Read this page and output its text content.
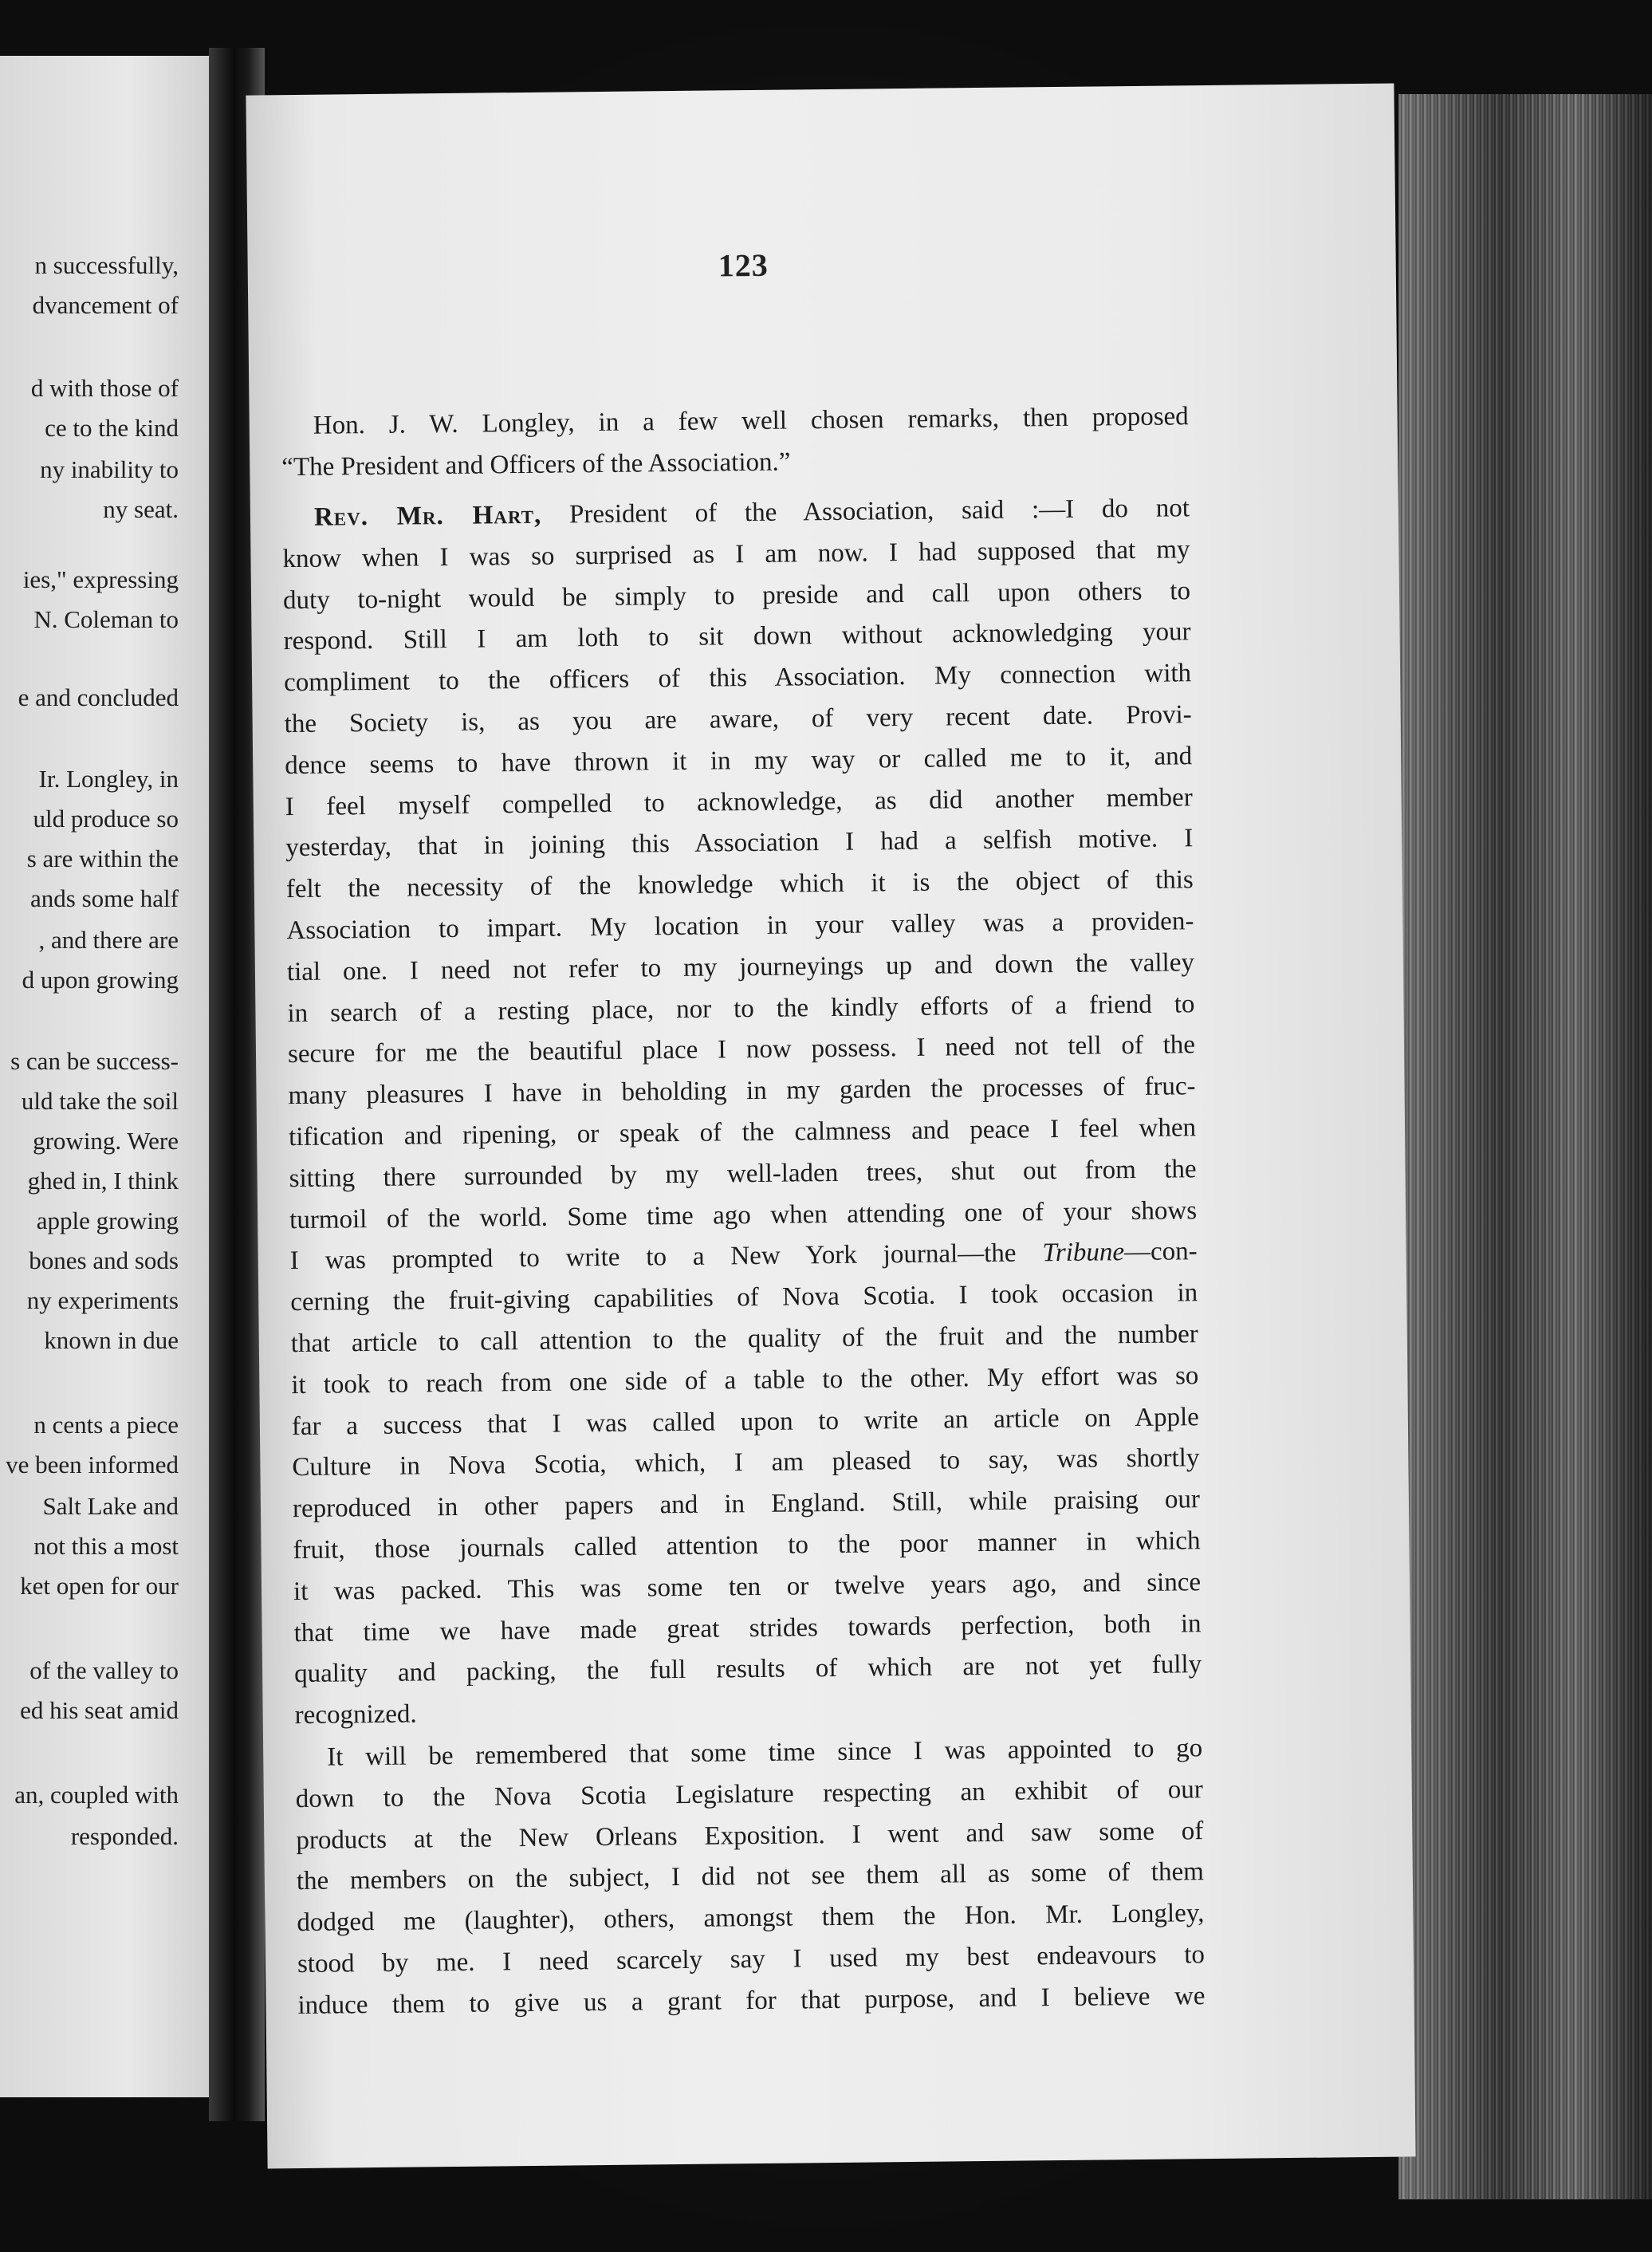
n successfully,
dvancement of
d with those of
ce to the kind
ny inability to
ny seat.
ies," expressing
N. Coleman to
e and concluded
Ir. Longley, in
uld produce so
s are within the
ands some half
, and there are
d upon growing
s can be success-
uld take the soil
growing. Were
ghed in, I think
apple growing
bones and sods
ny experiments
known in due
n cents a piece
ve been informed
Salt Lake and
not this a most
ket open for our
of the valley to
ed his seat amid
an, coupled with
responded.
123
Hon. J. W. Longley, in a few well chosen remarks, then proposed
“The President and Officers of the Association.”
Rev. Mr. Hart, President of the Association, said :—I do not
know when I was so surprised as I am now. I had supposed that my
duty to-night would be simply to preside and call upon others to
respond. Still I am loth to sit down without acknowledging your
compliment to the officers of this Association. My connection with
the Society is, as you are aware, of very recent date. Provi-
dence seems to have thrown it in my way or called me to it, and
I feel myself compelled to acknowledge, as did another member
yesterday, that in joining this Association I had a selfish motive. I
felt the necessity of the knowledge which it is the object of this
Association to impart. My location in your valley was a providen-
tial one. I need not refer to my journeyings up and down the valley
in search of a resting place, nor to the kindly efforts of a friend to
secure for me the beautiful place I now possess. I need not tell of the
many pleasures I have in beholding in my garden the processes of fruc-
tification and ripening, or speak of the calmness and peace I feel when
sitting there surrounded by my well-laden trees, shut out from the
turmoil of the world. Some time ago when attending one of your shows
I was prompted to write to a New York journal—the Tribune—con-
cerning the fruit-giving capabilities of Nova Scotia. I took occasion in
that article to call attention to the quality of the fruit and the number
it took to reach from one side of a table to the other. My effort was so
far a success that I was called upon to write an article on Apple
Culture in Nova Scotia, which, I am pleased to say, was shortly
reproduced in other papers and in England. Still, while praising our
fruit, those journals called attention to the poor manner in which
it was packed. This was some ten or twelve years ago, and since
that time we have made great strides towards perfection, both in
quality and packing, the full results of which are not yet fully
recognized.
It will be remembered that some time since I was appointed to go
down to the Nova Scotia Legislature respecting an exhibit of our
products at the New Orleans Exposition. I went and saw some of
the members on the subject, I did not see them all as some of them
dodged me (laughter), others, amongst them the Hon. Mr. Longley,
stood by me. I need scarcely say I used my best endeavours to
induce them to give us a grant for that purpose, and I believe we
